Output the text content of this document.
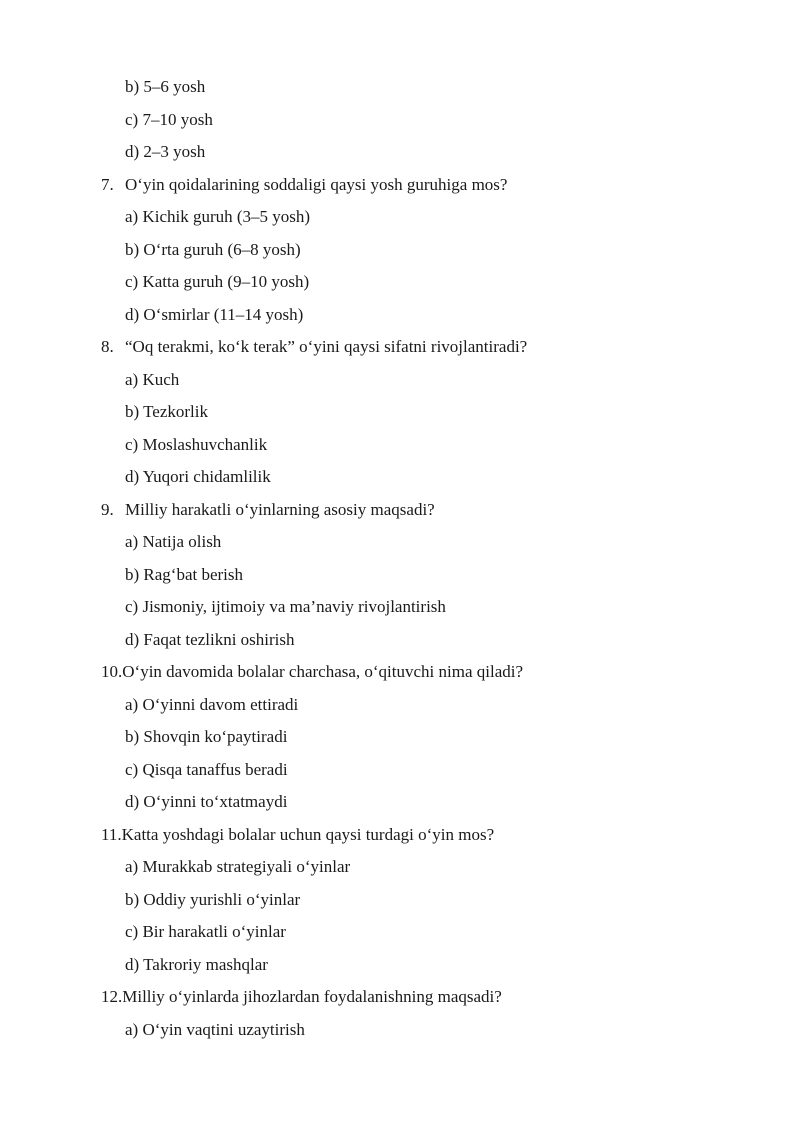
b) 5–6 yosh
c) 7–10 yosh
d) 2–3 yosh
7. O‘yin qoidalarining soddaligi qaysi yosh guruhiga mos?
a) Kichik guruh (3–5 yosh)
b) O‘rta guruh (6–8 yosh)
c) Katta guruh (9–10 yosh)
d) O‘smirlar (11–14 yosh)
8. “Oq terakmi, ko‘k terak” o‘yini qaysi sifatni rivojlantiradi?
a) Kuch
b) Tezkorlik
c) Moslashuvchanlik
d) Yuqori chidamlilik
9. Milliy harakatli o‘yinlarning asosiy maqsadi?
a) Natija olish
b) Rag‘bat berish
c) Jismoniy, ijtimoiy va ma’naviy rivojlantirish
d) Faqat tezlikni oshirish
10.O‘yin davomida bolalar charchasa, o‘qituvchi nima qiladi?
a) O‘yinni davom ettiradi
b) Shovqin ko‘paytiradi
c) Qisqa tanaffus beradi
d) O‘yinni to‘xtatmaydi
11.Katta yoshdagi bolalar uchun qaysi turdagi o‘yin mos?
a) Murakkab strategiyali o‘yinlar
b) Oddiy yurishli o‘yinlar
c) Bir harakatli o‘yinlar
d) Takroriy mashqlar
12.Milliy o‘yinlarda jihozlardan foydalanishning maqsadi?
a) O‘yin vaqtini uzaytirish
